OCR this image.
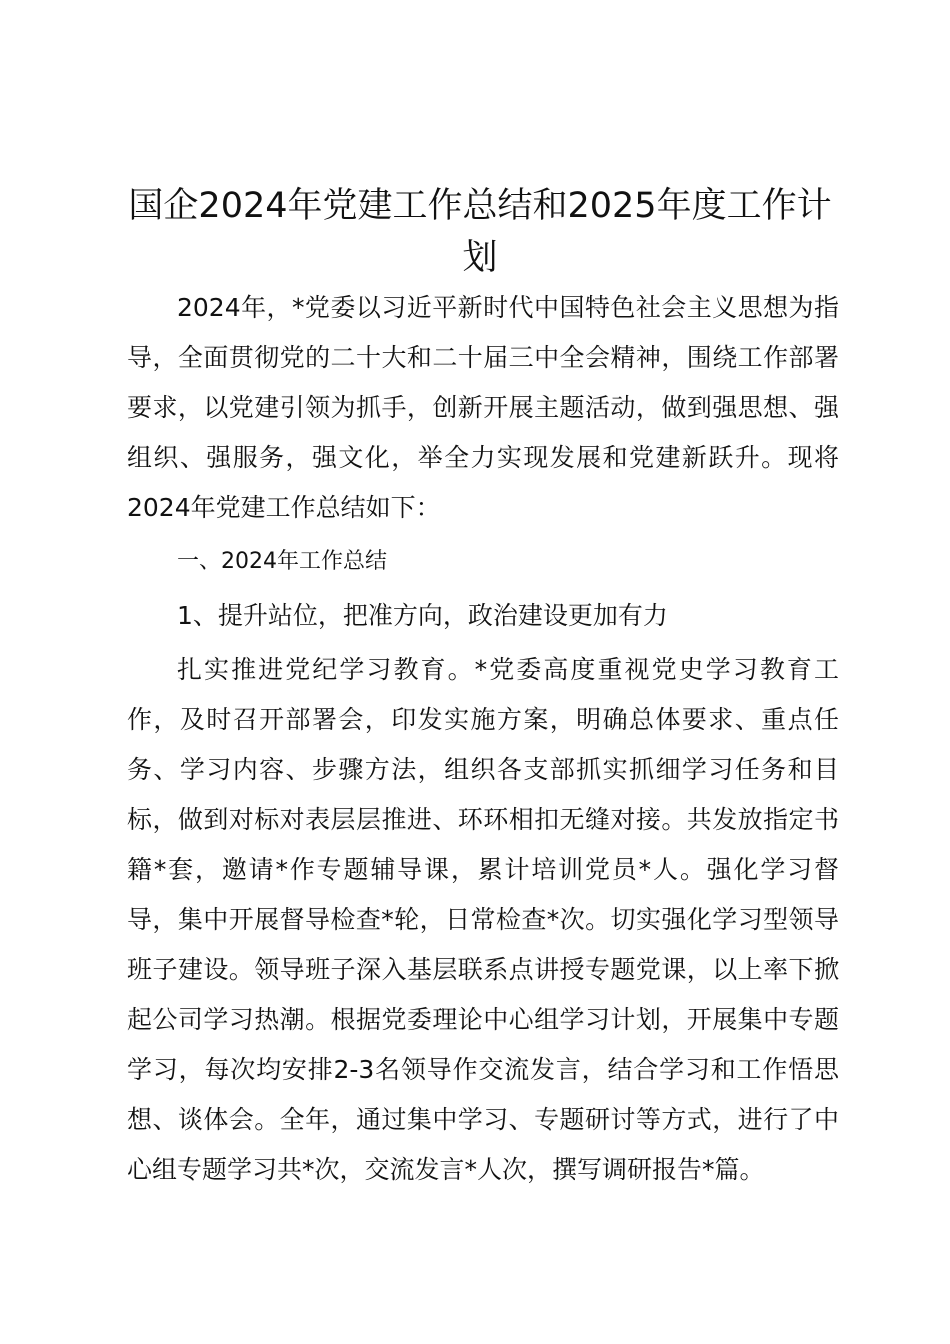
国企2024年党建工作总结和2025年度工作计划

2024年，*党委以习近平新时代中国特色社会主义思想为指导，全面贯彻党的二十大和二十届三中全会精神，围绕工作部署要求，以党建引领为抓手，创新开展主题活动，做到强思想、强组织、强服务，强文化，举全力实现发展和党建新跃升。现将2024年党建工作总结如下：

一、2024年工作总结

1、提升站位，把准方向，政治建设更加有力

扎实推进党纪学习教育。*党委高度重视党史学习教育工作，及时召开部署会，印发实施方案，明确总体要求、重点任务、学习内容、步骤方法，组织各支部抓实抓细学习任务和目标，做到对标对表层层推进、环环相扣无缝对接。共发放指定书籍*套，邀请*作专题辅导课，累计培训党员*人。强化学习督导，集中开展督导检查*轮，日常检查*次。切实强化学习型领导班子建设。领导班子深入基层联系点讲授专题党课，以上率下掀起公司学习热潮。根据党委理论中心组学习计划，开展集中专题学习，每次均安排2-3名领导作交流发言，结合学习和工作悟思想、谈体会。全年，通过集中学习、专题研讨等方式，进行了中心组专题学习共*次，交流发言*人次，撰写调研报告*篇。
